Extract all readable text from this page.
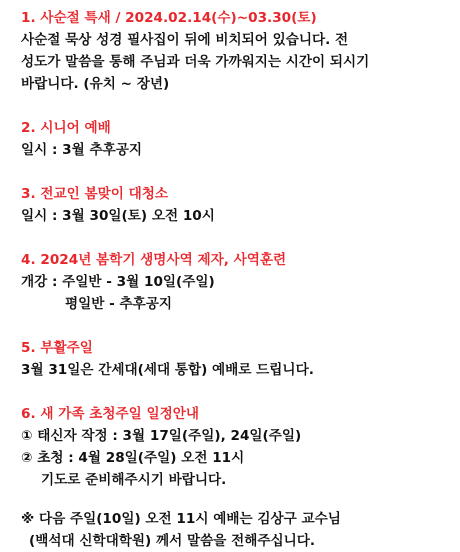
1. 사순절 특새 / 2024.02.14(수)~03.30(토)
사순절 묵상 성경 필사집이 뒤에 비치되어 있습니다. 전
성도가 말씀을 통해 주님과 더욱 가까워지는 시간이 되시기
바랍니다. (유치 ~ 장년)
2. 시니어 예배
일시 : 3월 추후공지
3. 전교인 봄맞이 대청소
일시 : 3월 30일(토) 오전 10시
4. 2024년 봄학기 생명사역 제자, 사역훈련
개강 : 주일반 - 3월 10일(주일)
평일반 - 추후공지
5. 부활주일
3월 31일은 간세대(세대 통합) 예배로 드립니다.
6. 새 가족 초청주일 일정안내
① 태신자 작정 : 3월 17일(주일), 24일(주일)
② 초청 : 4월 28일(주일) 오전 11시
기도로 준비해주시기 바랍니다.
※ 다음 주일(10일) 오전 11시 예배는 김상구 교수님
(백석대 신학대학원) 께서 말씀을 전해주십니다.
